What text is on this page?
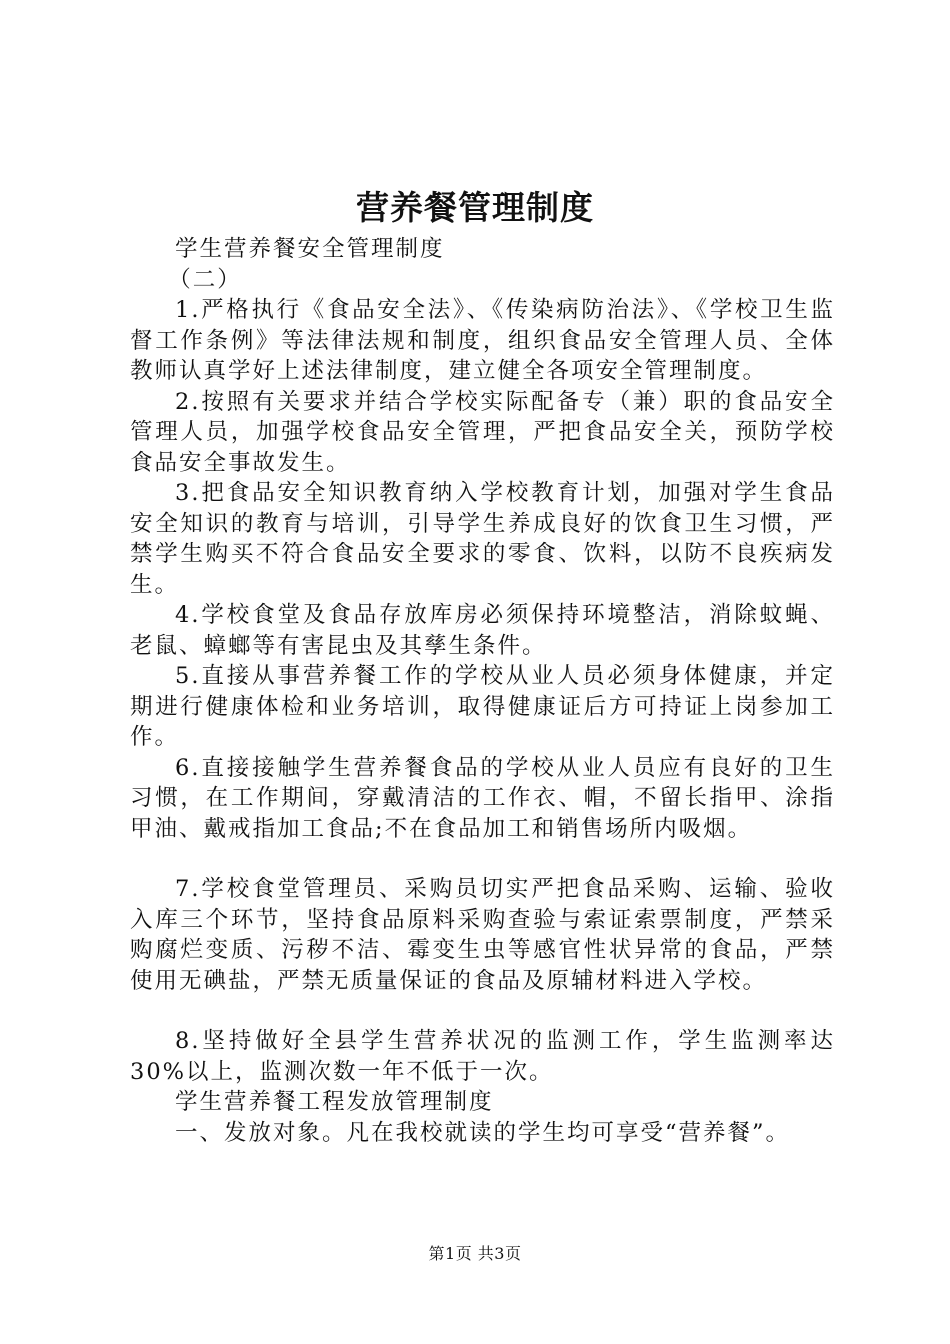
营养餐管理制度

学生营养餐安全管理制度

（二）

1.严格执行《食品安全法》、《传染病防治法》、《学校卫生监督工作条例》等法律法规和制度，组织食品安全管理人员、全体教师认真学好上述法律制度，建立健全各项安全管理制度。

2.按照有关要求并结合学校实际配备专（兼）职的食品安全管理人员，加强学校食品安全管理，严把食品安全关，预防学校食品安全事故发生。

3.把食品安全知识教育纳入学校教育计划，加强对学生食品安全知识的教育与培训，引导学生养成良好的饮食卫生习惯，严禁学生购买不符合食品安全要求的零食、饮料，以防不良疾病发生。

4.学校食堂及食品存放库房必须保持环境整洁，消除蚊蝇、老鼠、蟑螂等有害昆虫及其孳生条件。

5.直接从事营养餐工作的学校从业人员必须身体健康，并定期进行健康体检和业务培训，取得健康证后方可持证上岗参加工作。

6.直接接触学生营养餐食品的学校从业人员应有良好的卫生习惯，在工作期间，穿戴清洁的工作衣、帽，不留长指甲、涂指甲油、戴戒指加工食品;不在食品加工和销售场所内吸烟。

7.学校食堂管理员、采购员切实严把食品采购、运输、验收入库三个环节，坚持食品原料采购查验与索证索票制度，严禁采购腐烂变质、污秽不洁、霉变生虫等感官性状异常的食品，严禁使用无碘盐，严禁无质量保证的食品及原辅材料进入学校。

8.坚持做好全县学生营养状况的监测工作，学生监测率达30%以上，监测次数一年不低于一次。

学生营养餐工程发放管理制度

一、发放对象。凡在我校就读的学生均可享受“营养餐”。

第1页 共3页
